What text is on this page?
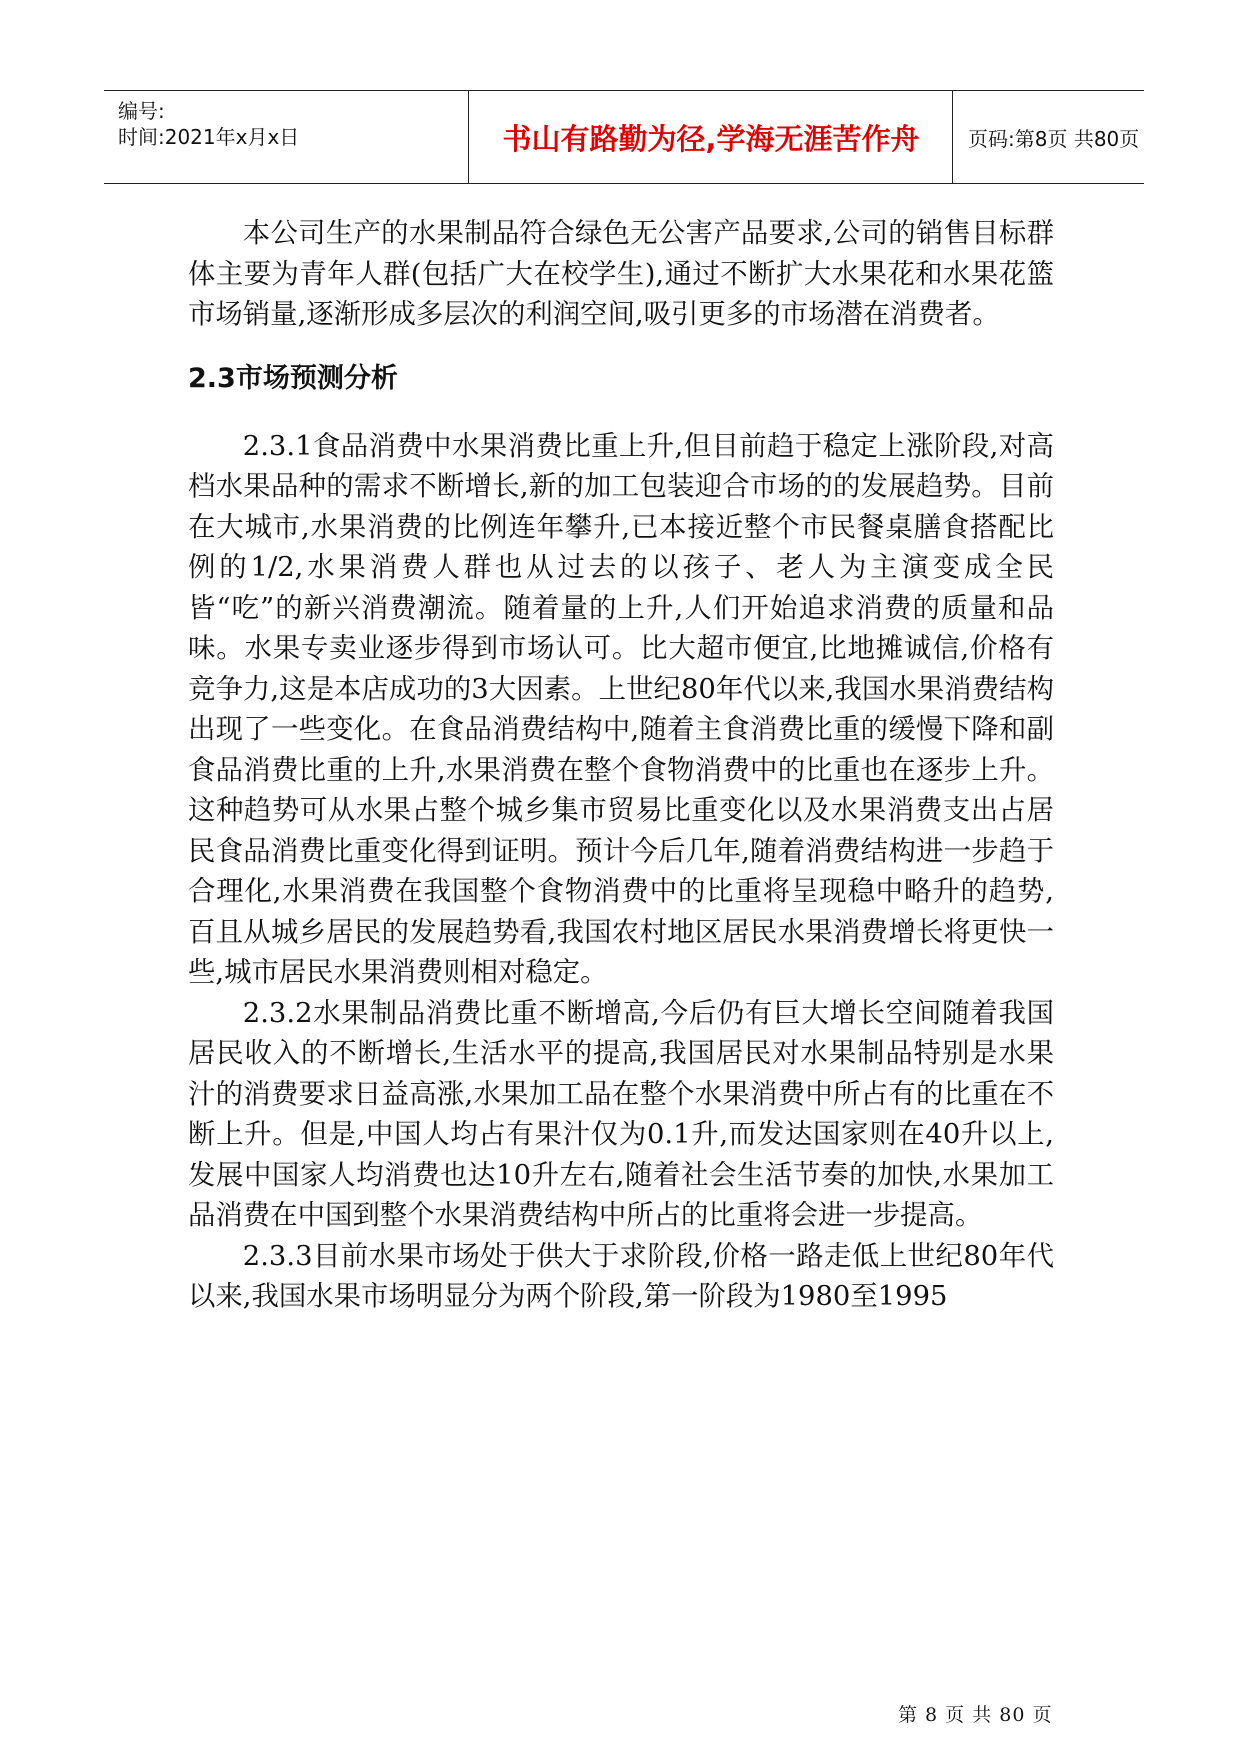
编号:
时间:2021年x月x日	书山有路勤为径,学海无涯苦作舟	页码:第8页 共80页

本公司生产的水果制品符合绿色无公害产品要求,公司的销售目标群体主要为青年人群(包括广大在校学生),通过不断扩大水果花和水果花篮市场销量,逐渐形成多层次的利润空间,吸引更多的市场潜在消费者。

2.3市场预测分析

2.3.1食品消费中水果消费比重上升,但目前趋于稳定上涨阶段,对高档水果品种的需求不断增长,新的加工包装迎合市场的的发展趋势。目前在大城市,水果消费的比例连年攀升,已本接近整个市民餐桌膳食搭配比例的1/2,水果消费人群也从过去的以孩子、老人为主演变成全民皆“吃”的新兴消费潮流。随着量的上升,人们开始追求消费的质量和品味。水果专卖业逐步得到市场认可。比大超市便宜,比地摊诚信,价格有竞争力,这是本店成功的3大因素。上世纪80年代以来,我国水果消费结构出现了一些变化。在食品消费结构中,随着主食消费比重的缓慢下降和副食品消费比重的上升,水果消费在整个食物消费中的比重也在逐步上升。这种趋势可从水果占整个城乡集市贸易比重变化以及水果消费支出占居民食品消费比重变化得到证明。预计今后几年,随着消费结构进一步趋于合理化,水果消费在我国整个食物消费中的比重将呈现稳中略升的趋势,百且从城乡居民的发展趋势看,我国农村地区居民水果消费增长将更快一些,城市居民水果消费则相对稳定。

2.3.2水果制品消费比重不断增高,今后仍有巨大增长空间随着我国居民收入的不断增长,生活水平的提高,我国居民对水果制品特别是水果汁的消费要求日益高涨,水果加工品在整个水果消费中所占有的比重在不断上升。但是,中国人均占有果汁仅为0.1升,而发达国家则在40升以上,发展中国家人均消费也达10升左右,随着社会生活节奏的加快,水果加工品消费在中国到整个水果消费结构中所占的比重将会进一步提高。

2.3.3目前水果市场处于供大于求阶段,价格一路走低上世纪80年代以来,我国水果市场明显分为两个阶段,第一阶段为1980至1995

第 8 页 共 80 页
